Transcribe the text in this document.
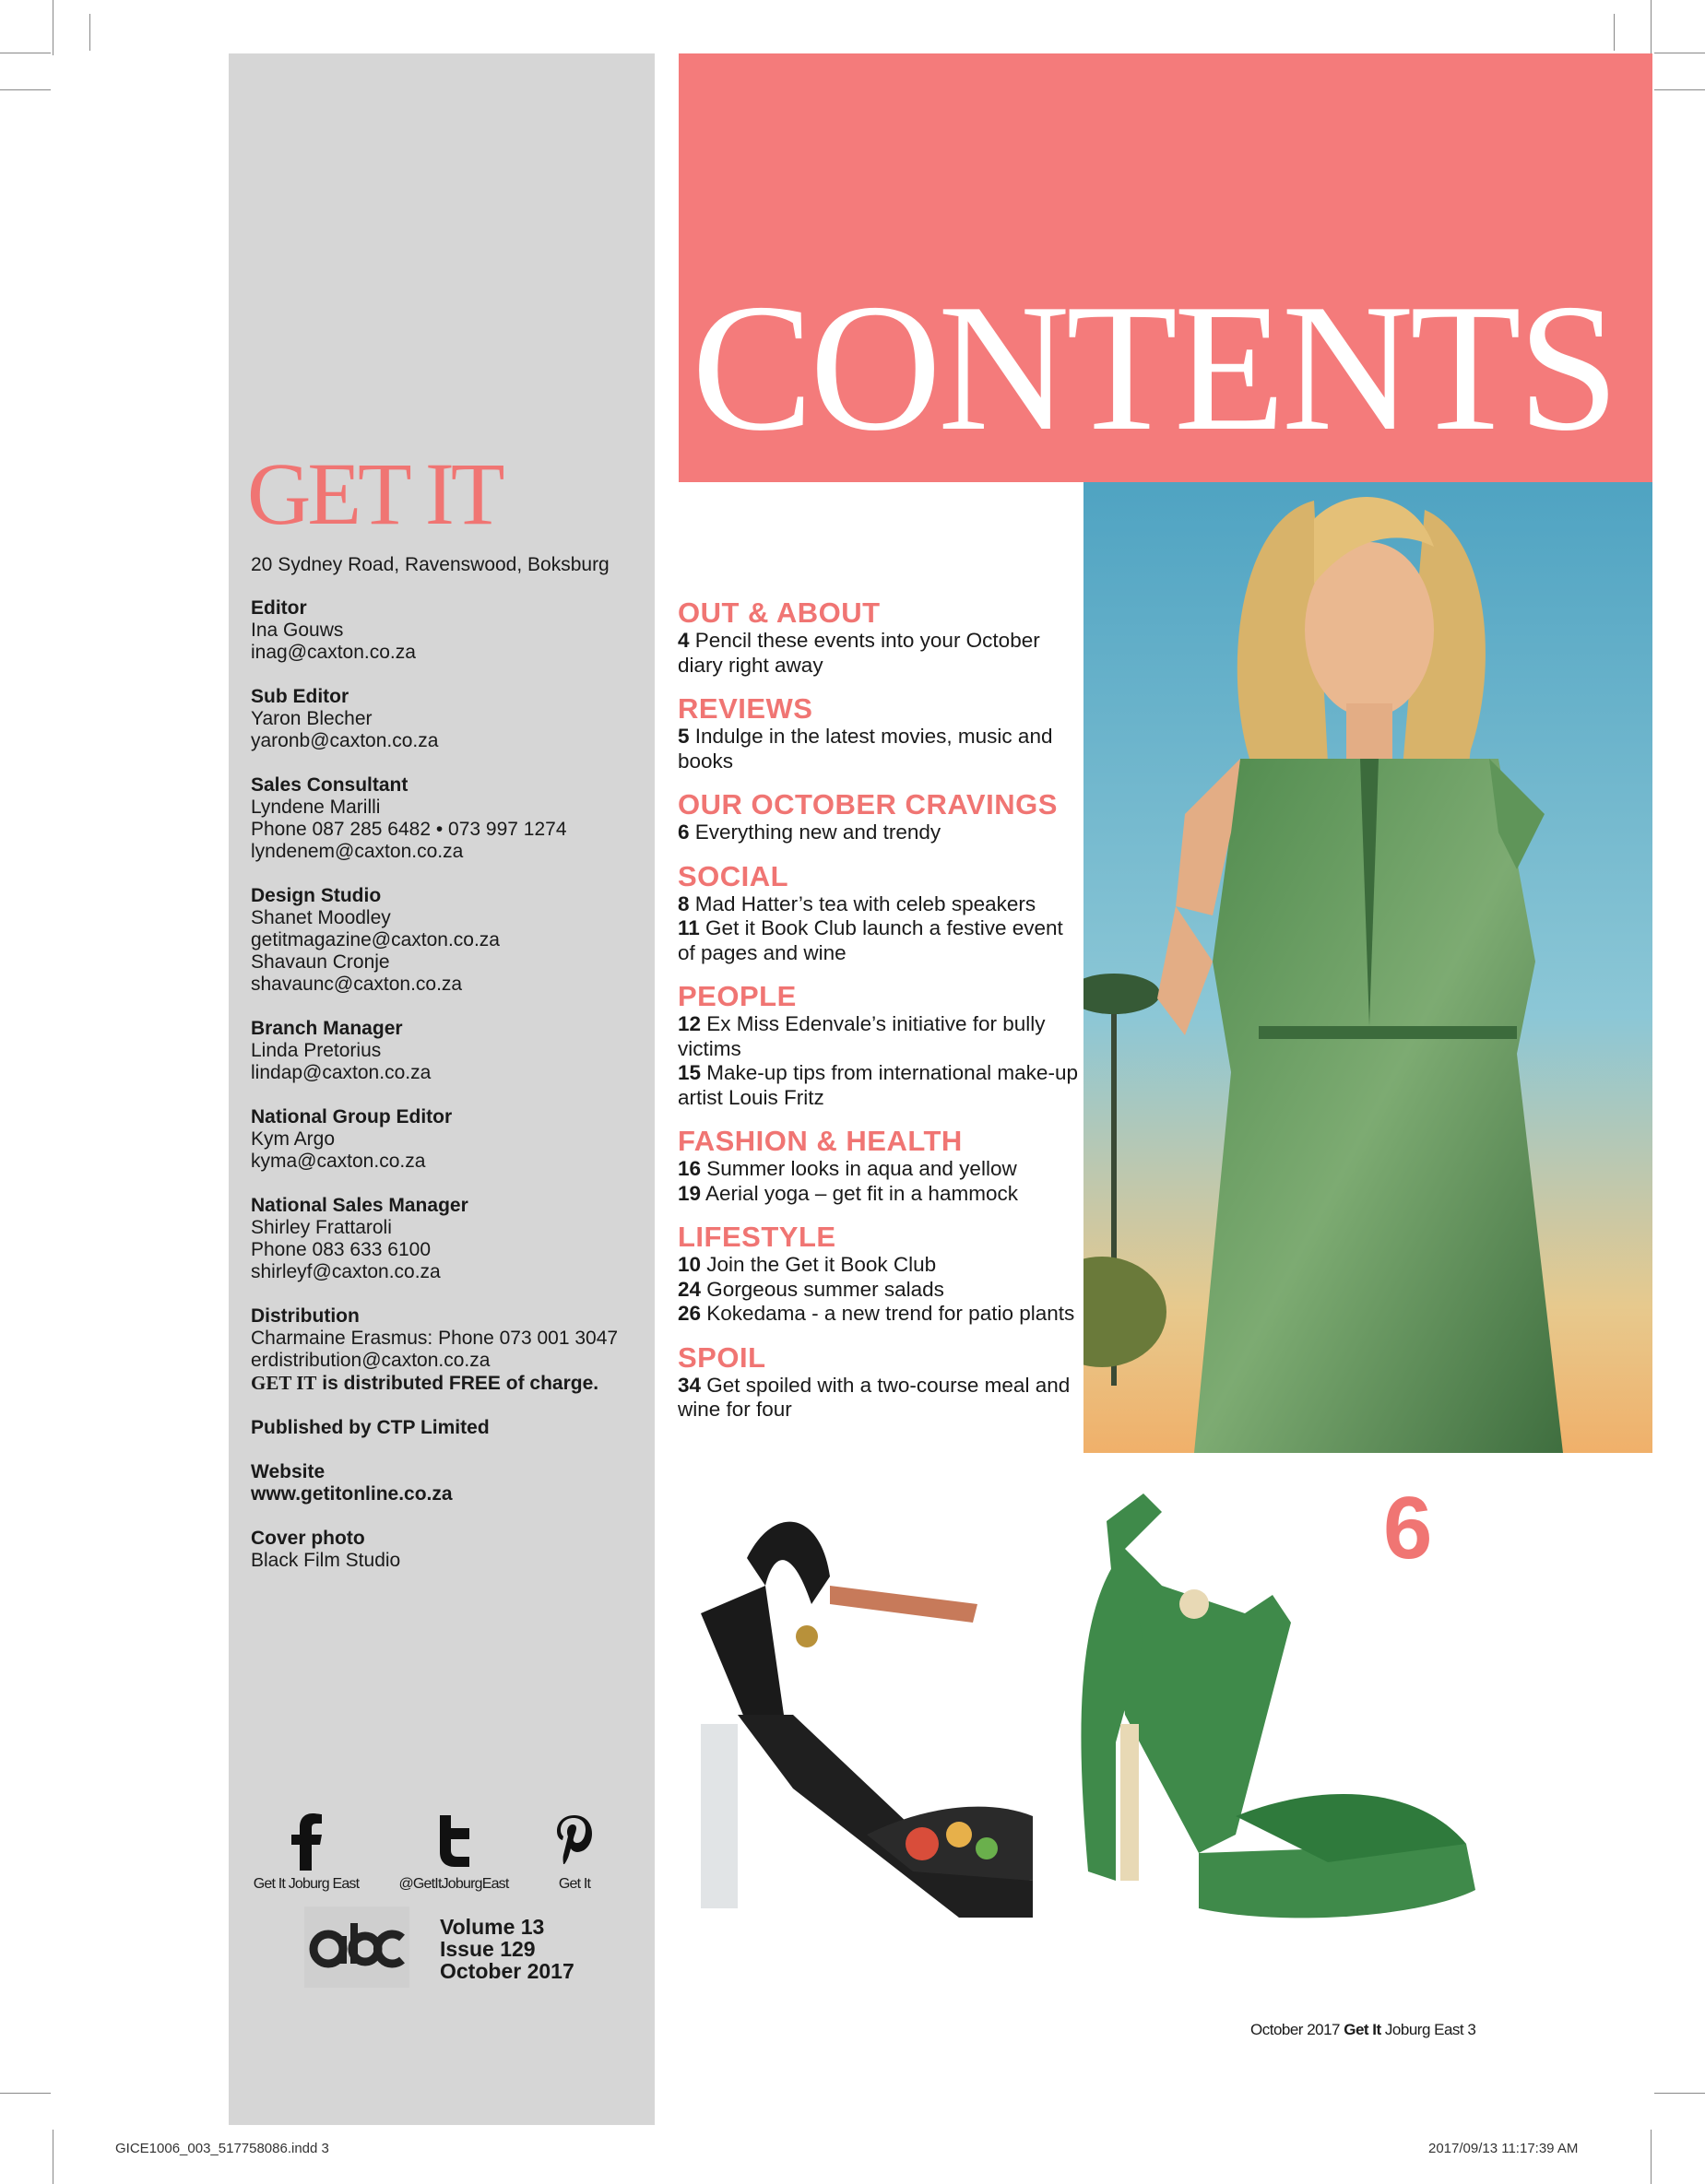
GET IT
20 Sydney Road, Ravenswood, Boksburg
Editor
Ina Gouws
inag@caxton.co.za
Sub Editor
Yaron Blecher
yaronb@caxton.co.za
Sales Consultant
Lyndene Marilli
Phone 087 285 6482 • 073 997 1274
lyndenem@caxton.co.za
Design Studio
Shanet Moodley
getitmagazine@caxton.co.za
Shavaun Cronje
shavaunc@caxton.co.za
Branch Manager
Linda Pretorius
lindap@caxton.co.za
National Group Editor
Kym Argo
kyma@caxton.co.za
National Sales Manager
Shirley Frattaroli
Phone 083 633 6100
shirleyf@caxton.co.za
Distribution
Charmaine Erasmus: Phone 073 001 3047
erdistribution@caxton.co.za
GET IT is distributed FREE of charge.
Published by CTP Limited
Website
www.getitonline.co.za
Cover photo
Black Film Studio
Get It Joburg East	@GetItJoburgEast	Get It
Volume 13
Issue 129
October 2017
CONTENTS
OUT & ABOUT
4 Pencil these events into your October diary right away
REVIEWS
5 Indulge in the latest movies, music and books
OUR OCTOBER CRAVINGS
6 Everything new and trendy
SOCIAL
8 Mad Hatter’s tea with celeb speakers
11 Get it Book Club launch a festive event of pages and wine
PEOPLE
12 Ex Miss Edenvale’s initiative for bully victims
15 Make-up tips from international make-up artist Louis Fritz
FASHION & HEALTH
16 Summer looks in aqua and yellow
19 Aerial yoga – get fit in a hammock
LIFESTYLE
10 Join the Get it Book Club
24 Gorgeous summer salads
26 Kokedama - a new trend for patio plants
SPOIL
34 Get spoiled with a two-course meal and wine for four
6
October 2017 Get It Joburg East 3
GICE1006_003_517758086.indd 3	2017/09/13 11:17:39 AM
